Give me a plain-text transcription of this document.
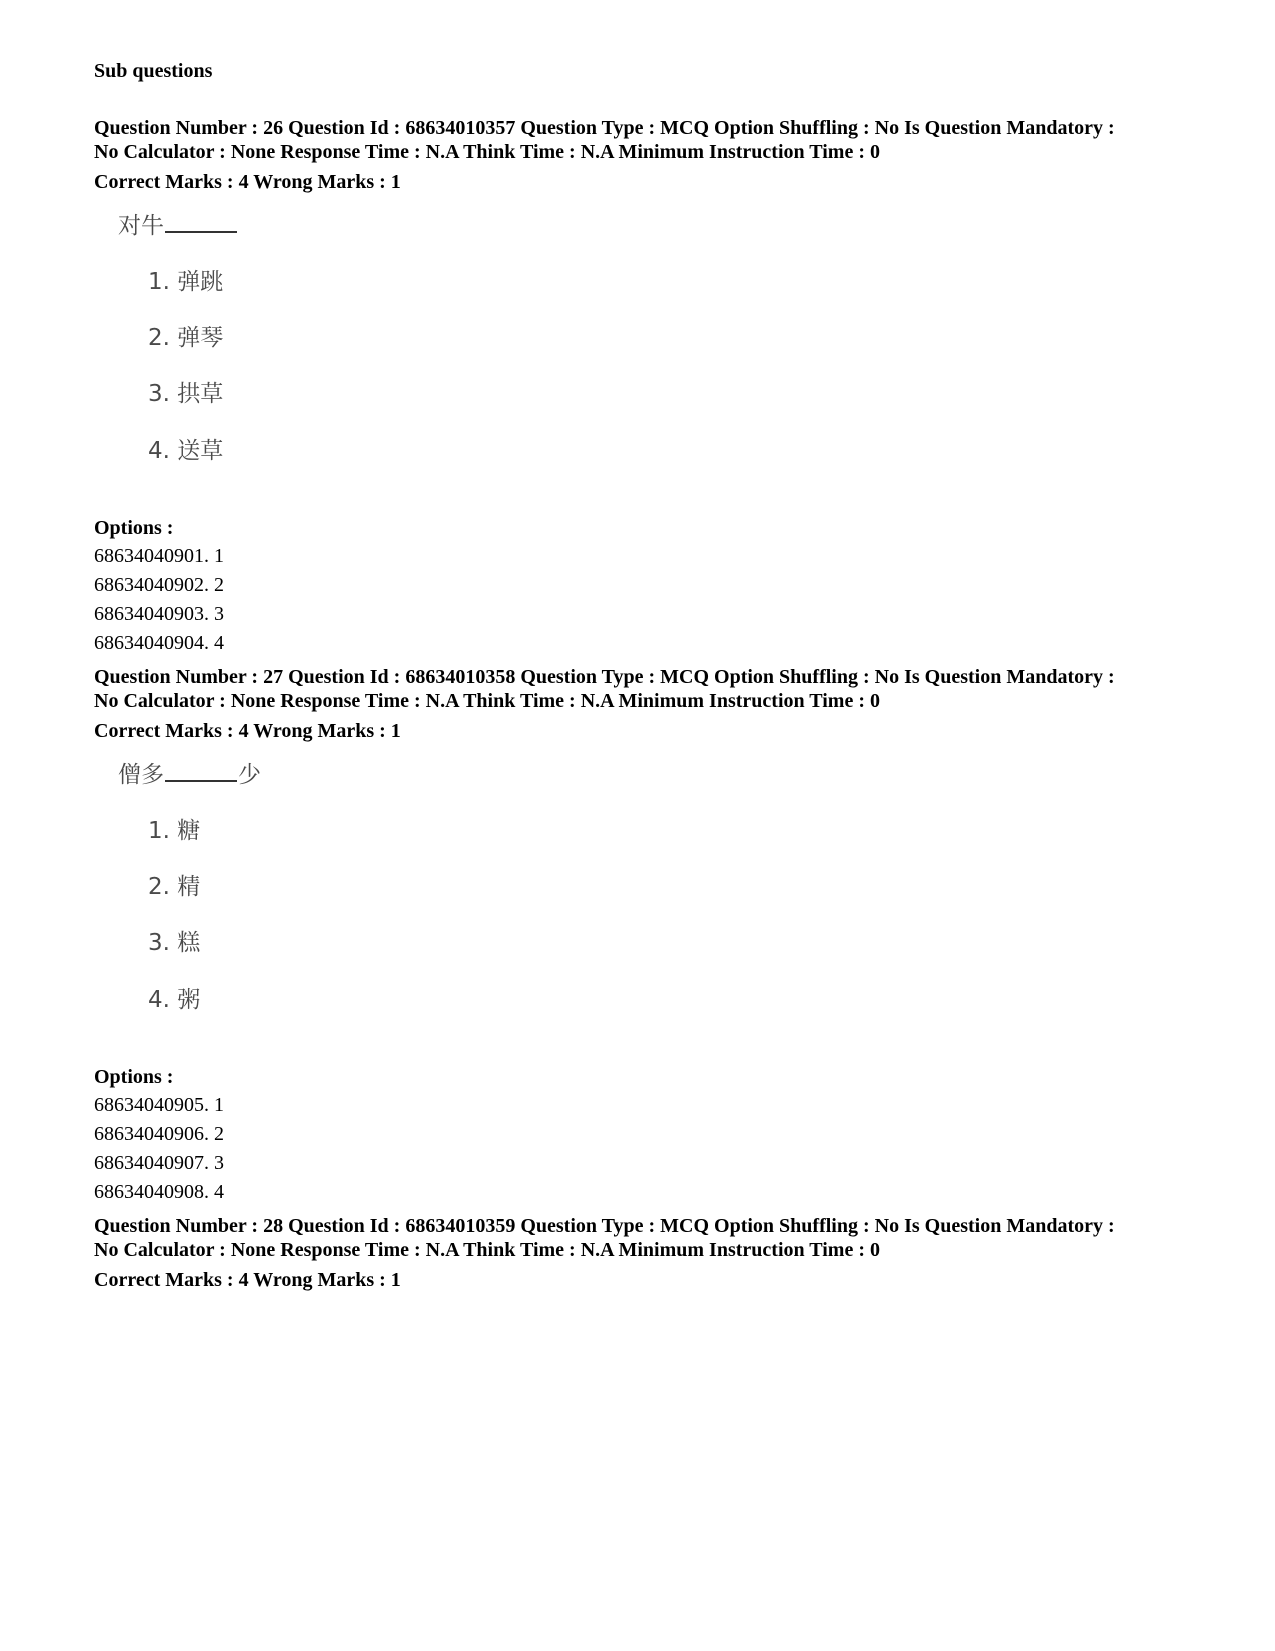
Sub questions
Question Number : 26 Question Id : 68634010357 Question Type : MCQ Option Shuffling : No Is Question Mandatory :
No Calculator : None Response Time : N.A Think Time : N.A Minimum Instruction Time : 0
Correct Marks : 4 Wrong Marks : 1
对牛
1. 弹跳
2. 弹琴
3. 拱草
4. 送草
Options :
68634040901. 1
68634040902. 2
68634040903. 3
68634040904. 4
Question Number : 27 Question Id : 68634010358 Question Type : MCQ Option Shuffling : No Is Question Mandatory :
No Calculator : None Response Time : N.A Think Time : N.A Minimum Instruction Time : 0
Correct Marks : 4 Wrong Marks : 1
僧多	少
1. 糖
2. 精
3. 糕
4. 粥
Options :
68634040905. 1
68634040906. 2
68634040907. 3
68634040908. 4
Question Number : 28 Question Id : 68634010359 Question Type : MCQ Option Shuffling : No Is Question Mandatory :
No Calculator : None Response Time : N.A Think Time : N.A Minimum Instruction Time : 0
Correct Marks : 4 Wrong Marks : 1
